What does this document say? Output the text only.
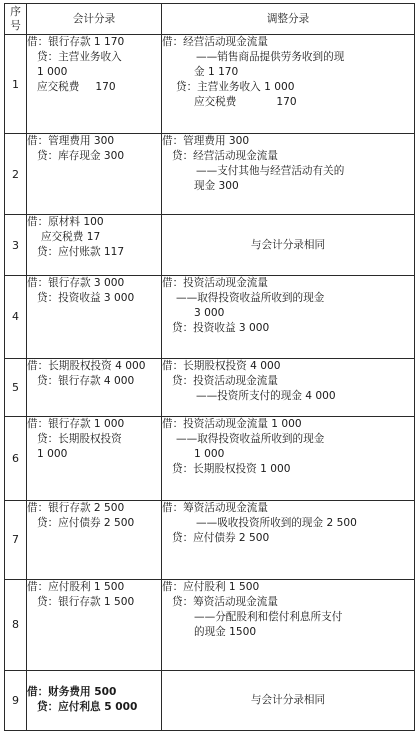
序
号	会计分录	调整分录
1	借：银行存款 1 170
贷：主营业务收入
1 000
应交税费 170	借：经营活动现金流量
——销售商品提供劳务收到的现
金 1 170
贷：主营业务收入 1 000
应交税费 170

2	借：管理费用 300
贷：库存现金 300	借：管理费用 300
贷：经营活动现金流量
——支付其他与经营活动有关的
现金 300

3	借：原材料 100
应交税费 17
贷：应付账款 117	与会计分录相同
4	借：银行存款 3 000
贷：投资收益 3 000	借：投资活动现金流量
——取得投资收益所收到的现金
3 000
贷：投资收益 3 000

5	借：长期股权投资 4 000
贷：银行存款 4 000	借：长期股权投资 4 000
贷：投资活动现金流量
——投资所支付的现金 4 000

6	借：银行存款 1 000
贷：长期股权投资
1 000	借：投资活动现金流量 1 000
——取得投资收益所收到的现金
1 000
贷：长期股权投资 1 000

7	借：银行存款 2 500
贷：应付债券 2 500	借：筹资活动现金流量
——吸收投资所收到的现金 2 500
贷：应付债券 2 500

8	借：应付股利 1 500
贷：银行存款 1 500	借：应付股利 1 500
贷：筹资活动现金流量
——分配股利和偿付利息所支付
的现金 1500

9	借：财务费用 500
贷：应付利息 5 000	与会计分录相同
